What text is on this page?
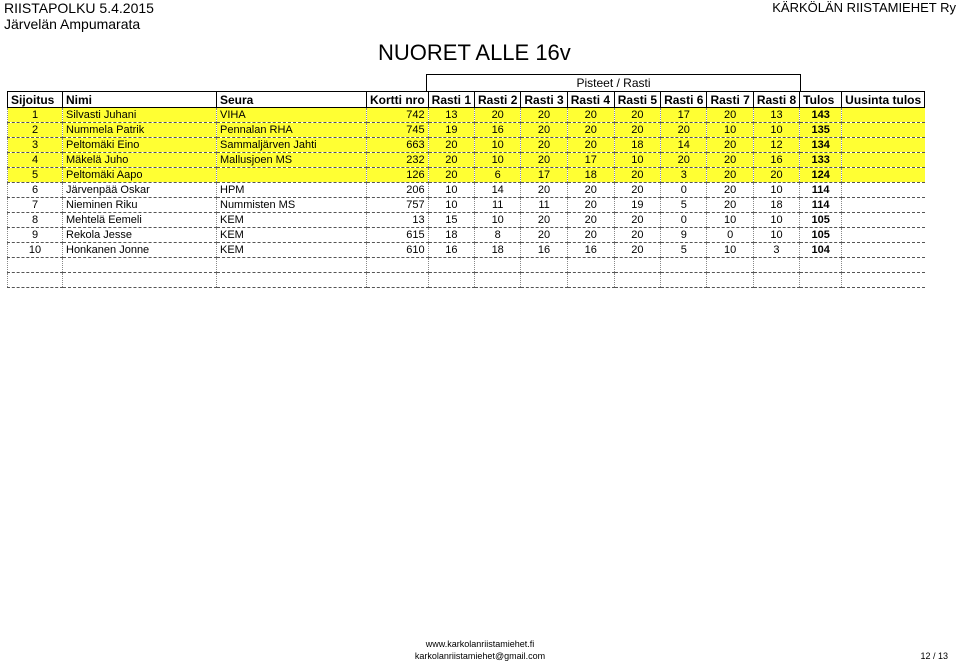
RIISTAPOLKU 5.4.2015
Järvelän Ampumarata
KÄRKÖLÄN RIISTAMIEHET Ry
NUORET ALLE 16v
Pisteet / Rasti
Sijoitus	Nimi	Seura	Kortti nro	Rasti 1	Rasti 2	Rasti 3	Rasti 4	Rasti 5	Rasti 6	Rasti 7	Rasti 8	Tulos	Uusinta tulos
1	Silvasti Juhani	VIHA	742	13	20	20	20	20	17	20	13	143	
2	Nummela Patrik	Pennalan RHA	745	19	16	20	20	20	20	10	10	135	
3	Peltomäki Eino	Sammaljärven Jahti	663	20	10	20	20	18	14	20	12	134	
4	Mäkelä Juho	Mallusjoen MS	232	20	10	20	17	10	20	20	16	133	
5	Peltomäki Aapo		126	20	6	17	18	20	3	20	20	124	
6	Järvenpää Oskar	HPM	206	10	14	20	20	20	0	20	10	114	
7	Nieminen Riku	Nummisten MS	757	10	11	11	20	19	5	20	18	114	
8	Mehtelä Eemeli	KEM	13	15	10	20	20	20	0	10	10	105	
9	Rekola Jesse	KEM	615	18	8	20	20	20	9	0	10	105	
10	Honkanen Jonne	KEM	610	16	18	16	16	20	5	10	3	104	

www.karkolanriistamiehet.fi
karkolanriistamiehet@gmail.com	12 / 13
